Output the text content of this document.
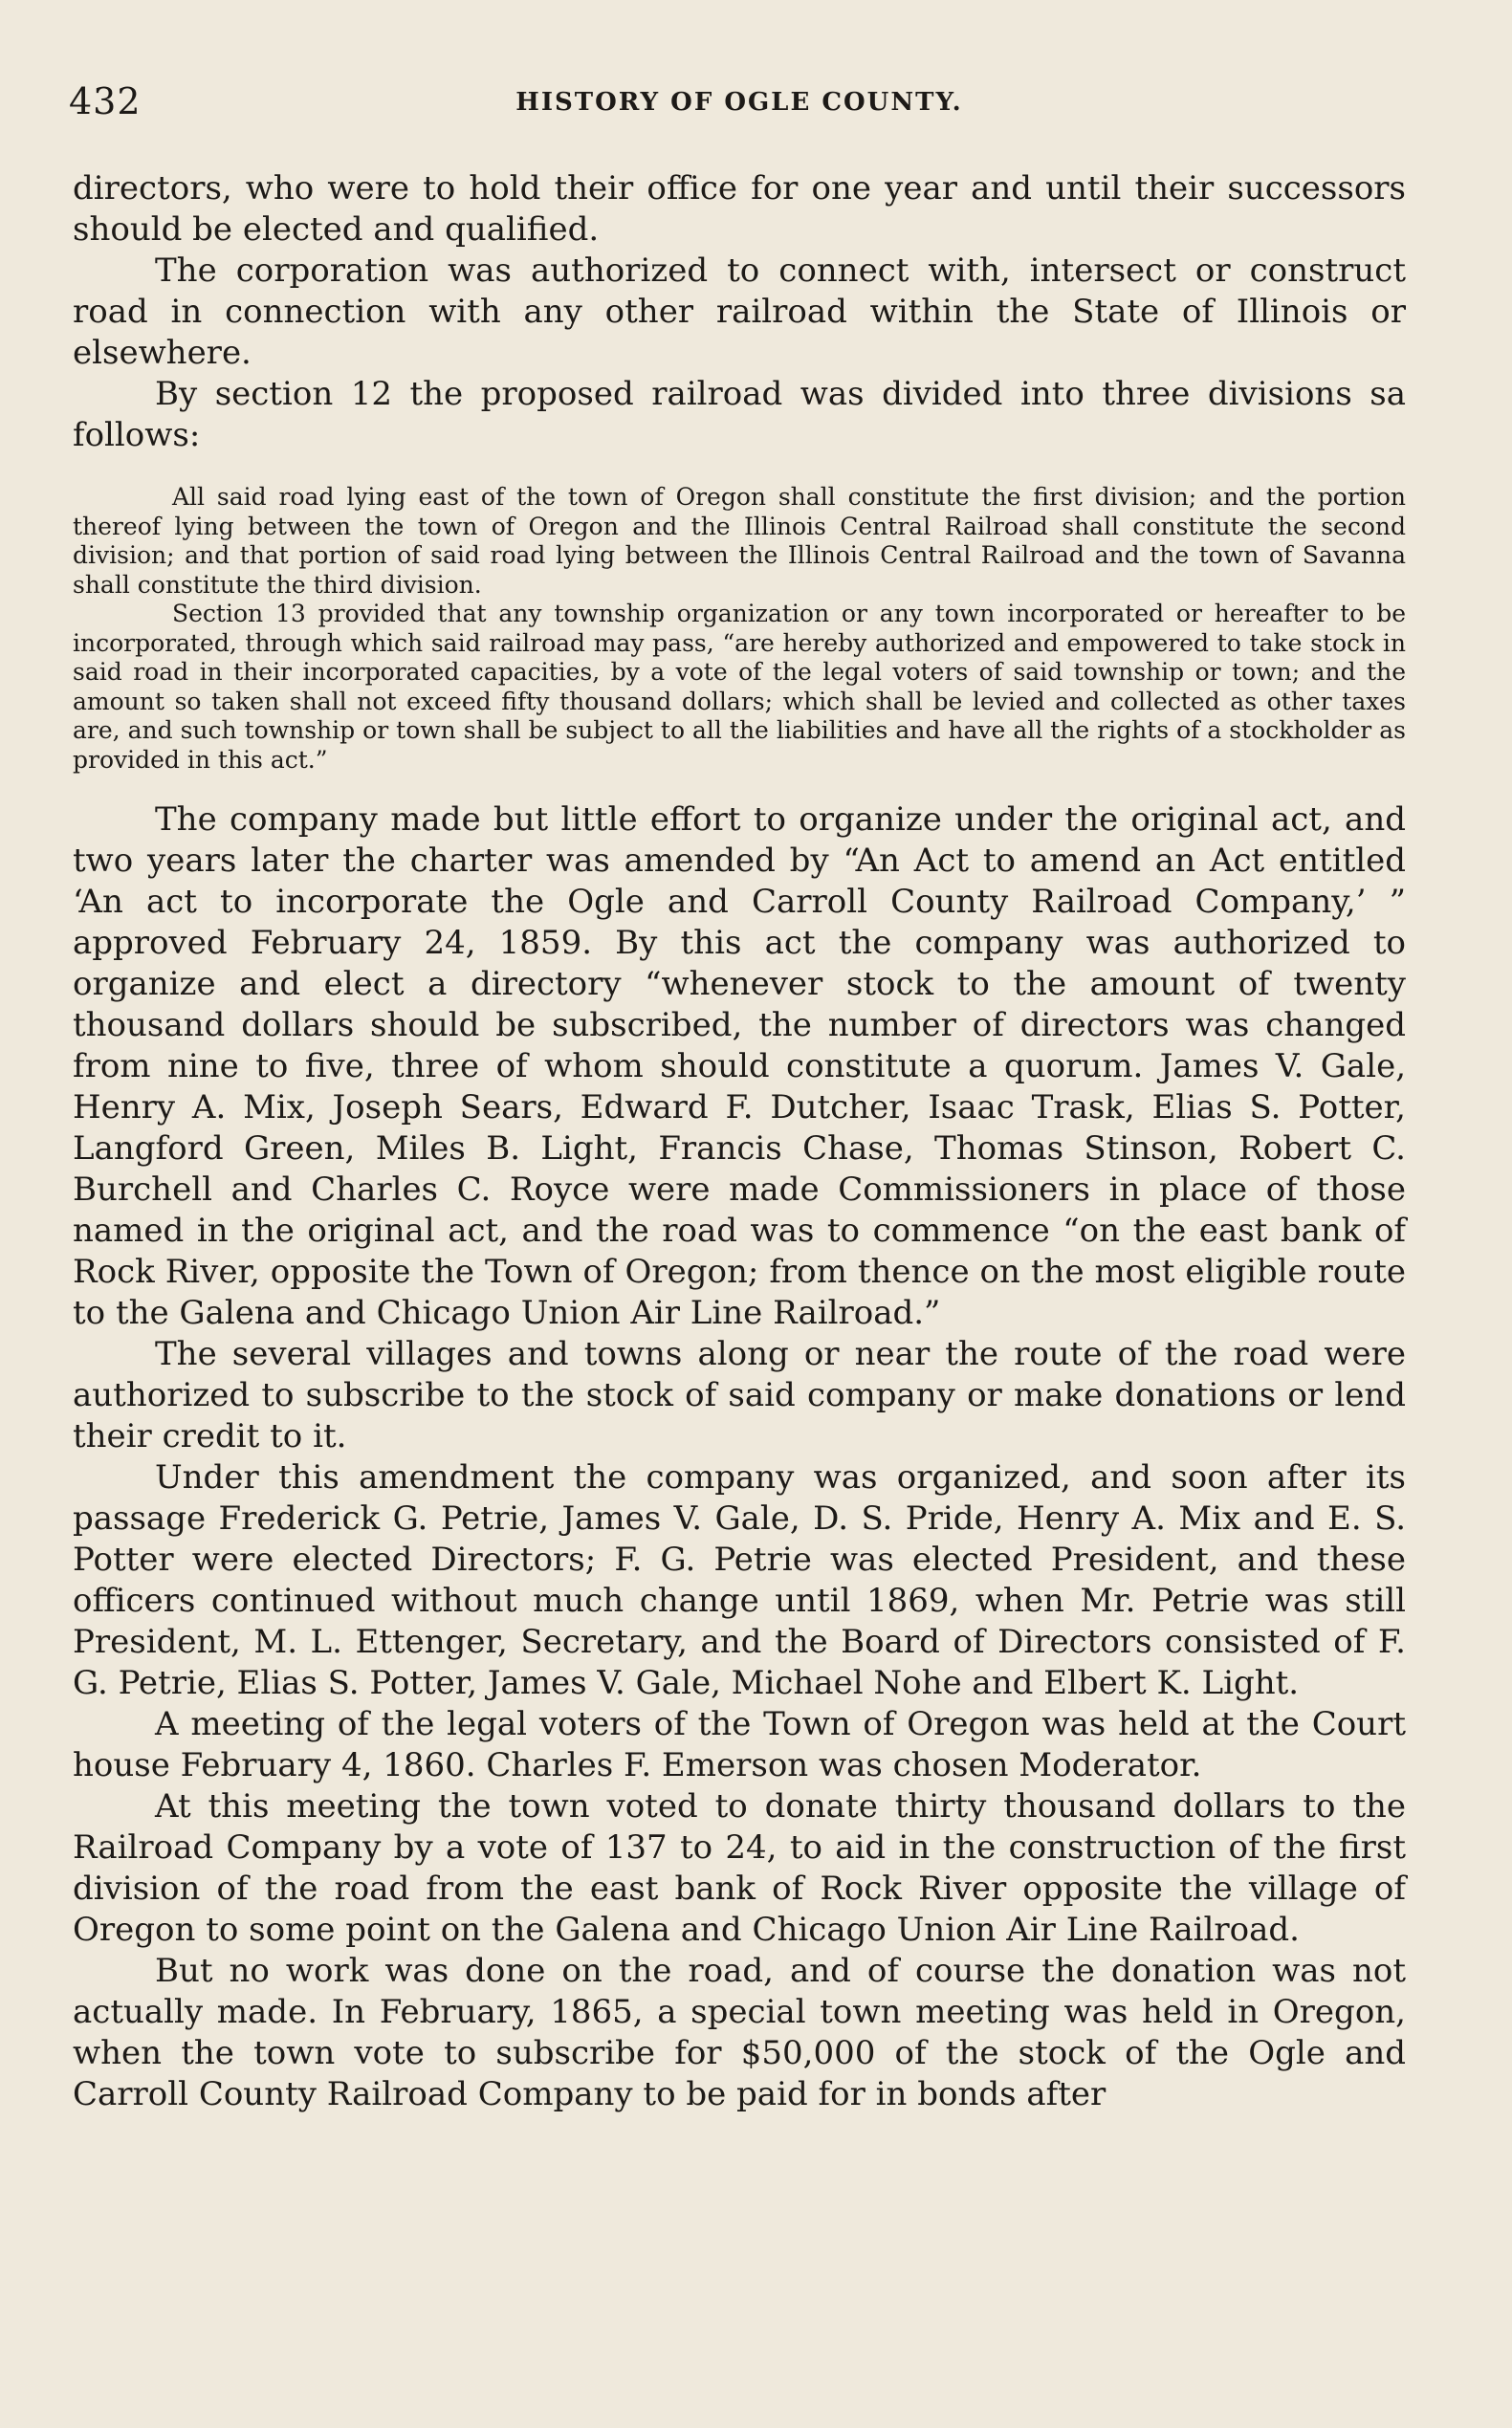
432	HISTORY OF OGLE COUNTY.

directors, who were to hold their office for one year and until their successors should be elected and qualified.

The corporation was authorized to connect with, intersect or construct road in connection with any other railroad within the State of Illinois or elsewhere.

By section 12 the proposed railroad was divided into three divisions sa follows:

All said road lying east of the town of Oregon shall constitute the first division; and the portion thereof lying between the town of Oregon and the Illinois Central Railroad shall constitute the second division; and that portion of said road lying between the Illinois Central Railroad and the town of Savanna shall constitute the third division.

Section 13 provided that any township organization or any town incorporated or hereafter to be incorporated, through which said railroad may pass, “are hereby authorized and empowered to take stock in said road in their incorporated capacities, by a vote of the legal voters of said township or town; and the amount so taken shall not exceed fifty thousand dollars; which shall be levied and collected as other taxes are, and such township or town shall be subject to all the liabilities and have all the rights of a stockholder as provided in this act.”

The company made but little effort to organize under the original act, and two years later the charter was amended by “An Act to amend an Act entitled ‘An act to incorporate the Ogle and Carroll County Railroad Company,’ ” approved February 24, 1859. By this act the company was authorized to organize and elect a directory “whenever stock to the amount of twenty thousand dollars should be subscribed, the number of directors was changed from nine to five, three of whom should constitute a quorum. James V. Gale, Henry A. Mix, Joseph Sears, Edward F. Dutcher, Isaac Trask, Elias S. Potter, Langford Green, Miles B. Light, Francis Chase, Thomas Stinson, Robert C. Burchell and Charles C. Royce were made Commissioners in place of those named in the original act, and the road was to commence “on the east bank of Rock River, opposite the Town of Oregon; from thence on the most eligible route to the Galena and Chicago Union Air Line Railroad.”

The several villages and towns along or near the route of the road were authorized to subscribe to the stock of said company or make donations or lend their credit to it.

Under this amendment the company was organized, and soon after its passage Frederick G. Petrie, James V. Gale, D. S. Pride, Henry A. Mix and E. S. Potter were elected Directors; F. G. Petrie was elected President, and these officers continued without much change until 1869, when Mr. Petrie was still President, M. L. Ettenger, Secretary, and the Board of Directors consisted of F. G. Petrie, Elias S. Potter, James V. Gale, Michael Nohe and Elbert K. Light.

A meeting of the legal voters of the Town of Oregon was held at the Court house February 4, 1860. Charles F. Emerson was chosen Moderator.

At this meeting the town voted to donate thirty thousand dollars to the Railroad Company by a vote of 137 to 24, to aid in the construction of the first division of the road from the east bank of Rock River opposite the village of Oregon to some point on the Galena and Chicago Union Air Line Railroad.

But no work was done on the road, and of course the donation was not actually made. In February, 1865, a special town meeting was held in Oregon, when the town vote to subscribe for $50,000 of the stock of the Ogle and Carroll County Railroad Company to be paid for in bonds after
